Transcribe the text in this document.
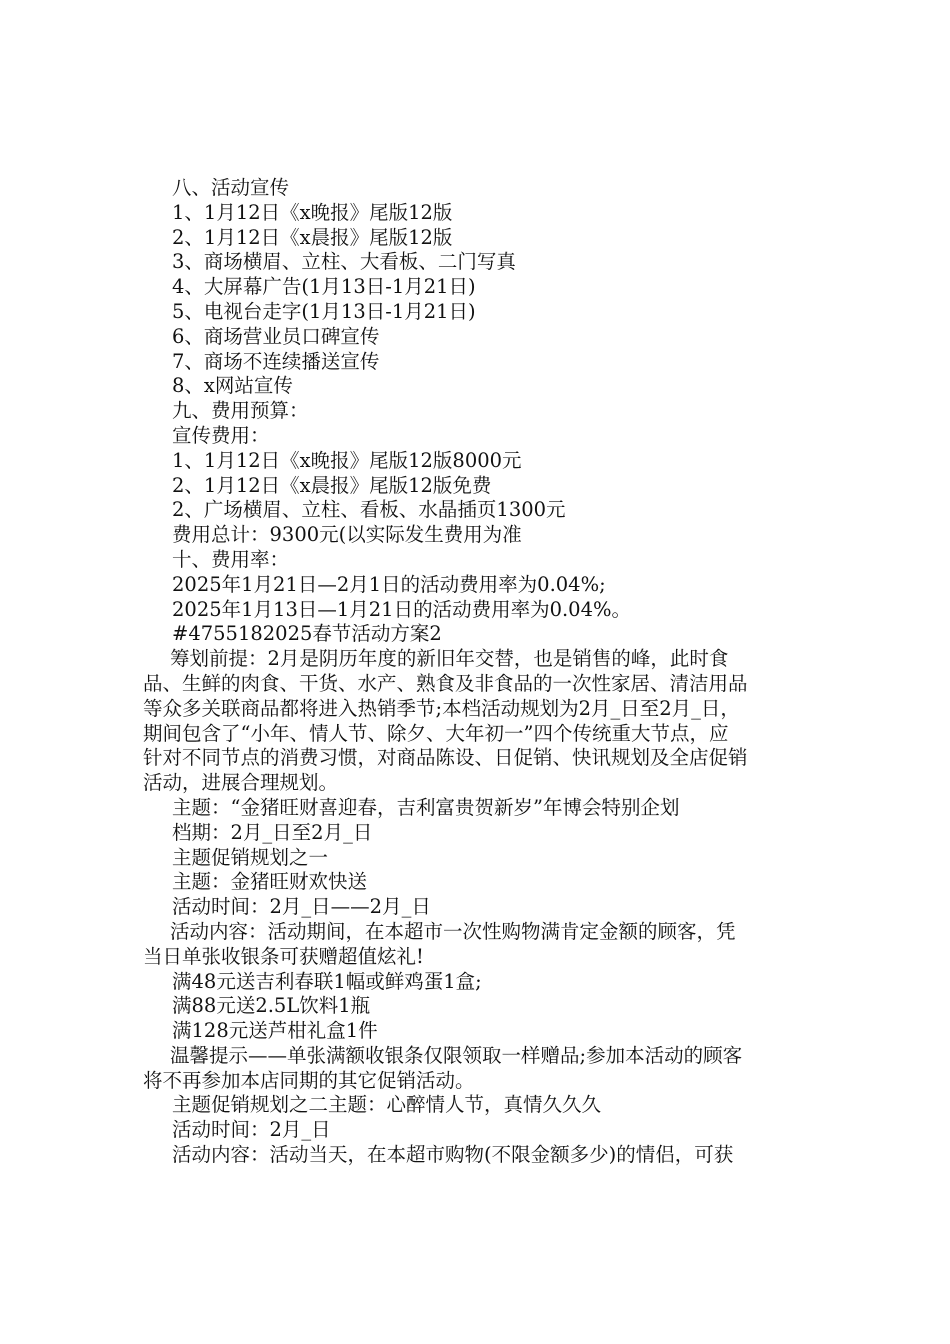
八、活动宣传
1、1月12日《x晚报》尾版12版
2、1月12日《x晨报》尾版12版
3、商场横眉、立柱、大看板、二门写真
4、大屏幕广告(1月13日-1月21日)
5、电视台走字(1月13日-1月21日)
6、商场营业员口碑宣传
7、商场不连续播送宣传
8、x网站宣传
九、费用预算：
宣传费用：
1、1月12日《x晚报》尾版12版8000元
2、1月12日《x晨报》尾版12版免费
2、广场横眉、立柱、看板、水晶插页1300元
费用总计：9300元(以实际发生费用为准
十、费用率：
2025年1月21日—2月1日的活动费用率为0.04%;
2025年1月13日—1月21日的活动费用率为0.04%。
#4755182025春节活动方案2
筹划前提：2月是阴历年度的新旧年交替，也是销售的峰，此时食
品、生鲜的肉食、干货、水产、熟食及非食品的一次性家居、清洁用品
等众多关联商品都将进入热销季节;本档活动规划为2月_日至2月_日，
期间包含了“小年、情人节、除夕、大年初一”四个传统重大节点，应
针对不同节点的消费习惯，对商品陈设、日促销、快讯规划及全店促销
活动，进展合理规划。
主题：“金猪旺财喜迎春，吉利富贵贺新岁”年博会特别企划
档期：2月_日至2月_日
主题促销规划之一
主题：金猪旺财欢快送
活动时间：2月_日——2月_日
活动内容：活动期间，在本超市一次性购物满肯定金额的顾客，凭
当日单张收银条可获赠超值炫礼!
满48元送吉利春联1幅或鲜鸡蛋1盒;
满88元送2.5L饮料1瓶
满128元送芦柑礼盒1件
温馨提示——单张满额收银条仅限领取一样赠品;参加本活动的顾客
将不再参加本店同期的其它促销活动。
主题促销规划之二主题：心醉情人节，真情久久久
活动时间：2月_日
活动内容：活动当天，在本超市购物(不限金额多少)的情侣，可获
